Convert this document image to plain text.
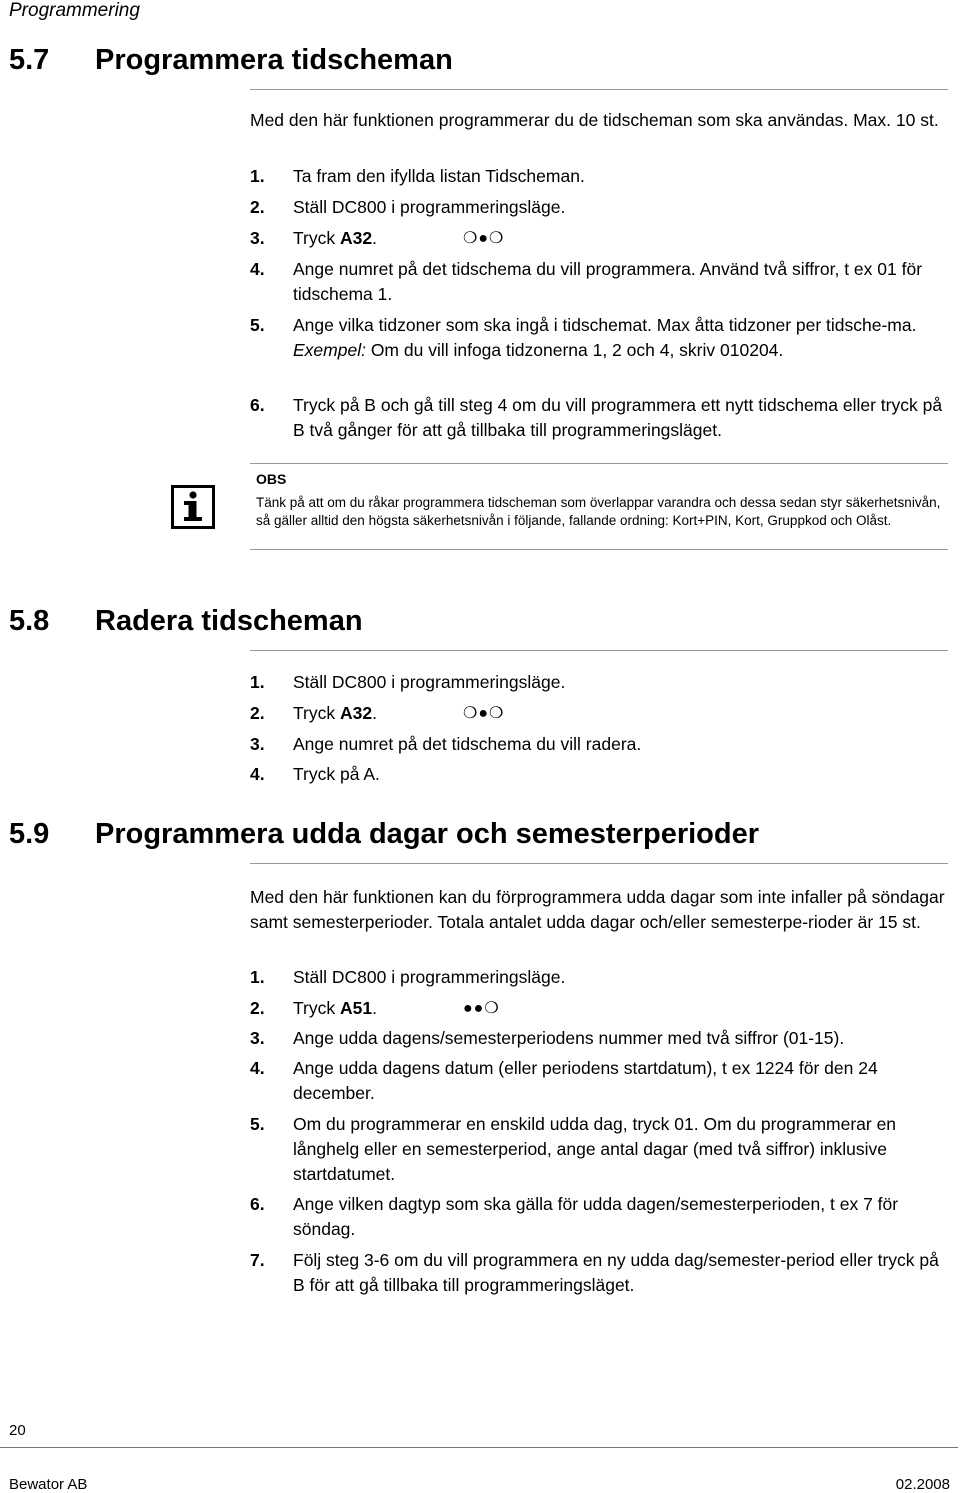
Programmering
5.7 Programmera tidscheman
Med den här funktionen programmerar du de tidscheman som ska användas. Max. 10 st.
1. Ta fram den ifyllda listan Tidscheman.
2. Ställ DC800 i programmeringsläge.
3. Tryck A32.	❍●❍
4. Ange numret på det tidschema du vill programmera. Använd två siffror, t ex 01 för tidschema 1.
5. Ange vilka tidzoner som ska ingå i tidschemat. Max åtta tidzoner per tidsche-ma.
Exempel: Om du vill infoga tidzonerna 1, 2 och 4, skriv 010204.
6. Tryck på B och gå till steg 4 om du vill programmera ett nytt tidschema eller tryck på B två gånger för att gå tillbaka till programmeringsläget.
OBS
Tänk på att om du råkar programmera tidscheman som överlappar varandra och dessa sedan styr säkerhetsnivån, så gäller alltid den högsta säkerhetsnivån i följande, fallande ordning: Kort+PIN, Kort, Gruppkod och Olåst.
5.8 Radera tidscheman
1. Ställ DC800 i programmeringsläge.
2. Tryck A32.	❍●❍
3. Ange numret på det tidschema du vill radera.
4. Tryck på A.
5.9 Programmera udda dagar och semesterperioder
Med den här funktionen kan du förprogrammera udda dagar som inte infaller på söndagar samt semesterperioder. Totala antalet udda dagar och/eller semesterpe-rioder är 15 st.
1. Ställ DC800 i programmeringsläge.
2. Tryck A51.	●●❍
3. Ange udda dagens/semesterperiodens nummer med två siffror (01-15).
4. Ange udda dagens datum (eller periodens startdatum), t ex 1224 för den 24 december.
5. Om du programmerar en enskild udda dag, tryck 01. Om du programmerar en långhelg eller en semesterperiod, ange antal dagar (med två siffror) inklusive startdatumet.
6. Ange vilken dagtyp som ska gälla för udda dagen/semesterperioden, t ex 7 för söndag.
7. Följ steg 3-6 om du vill programmera en ny udda dag/semester-period eller tryck på B för att gå tillbaka till programmeringsläget.
20
Bewator AB	02.2008
